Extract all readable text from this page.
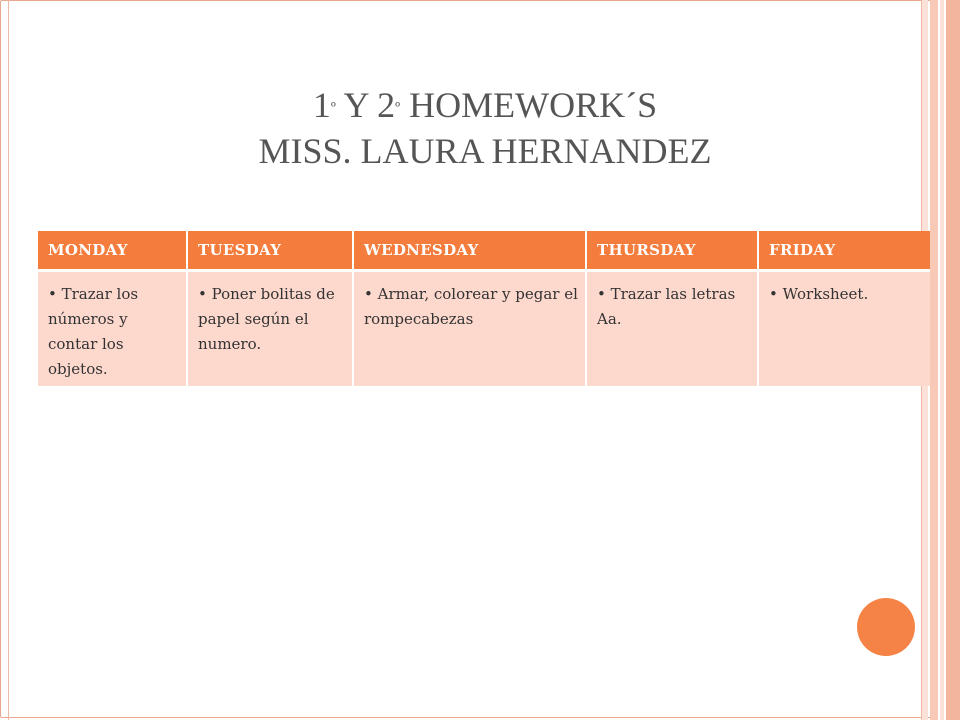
$1^º$ Y $2^º$ HOMEWORK´S
MISS. LAURA HERNANDEZ
MONDAY	TUESDAY	WEDNESDAY	THURSDAY	FRIDAY

• Trazar los números y contar los objetos.	• Poner bolitas de papel según el numero.	• Armar, colorear y pegar el rompecabezas	• Trazar las letras Aa.	• Worksheet.
